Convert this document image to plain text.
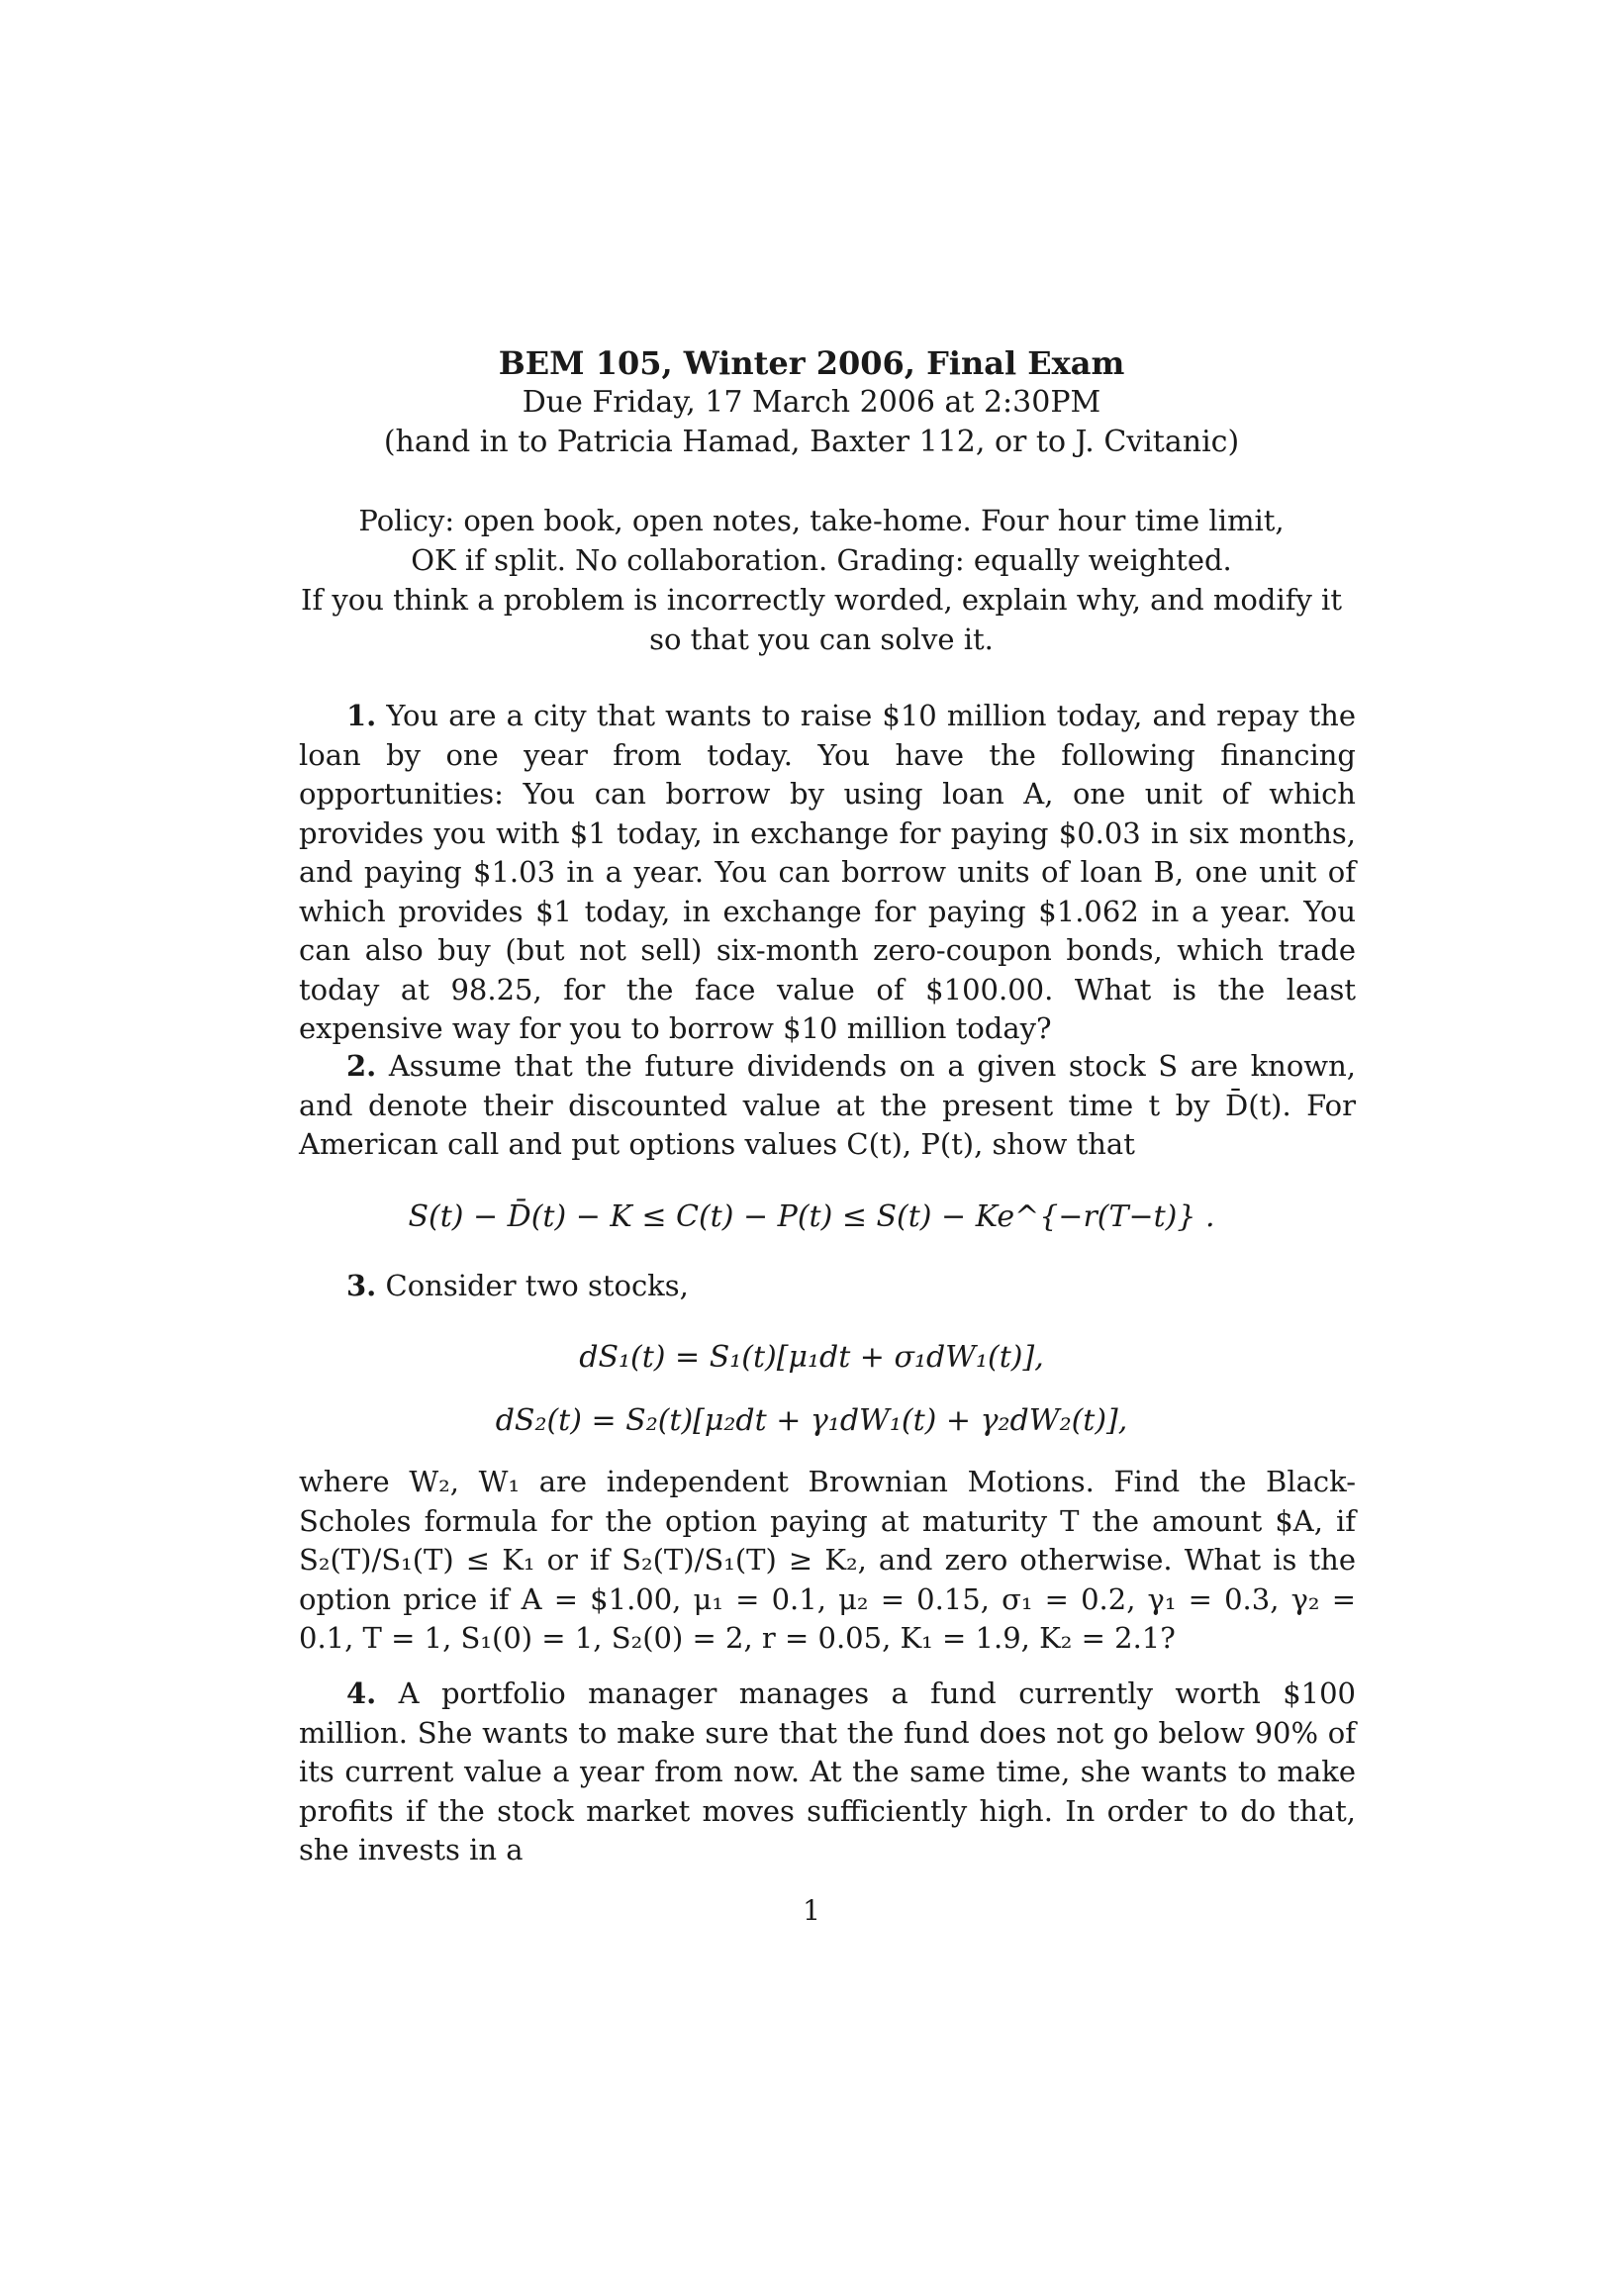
BEM 105, Winter 2006, Final Exam
Due Friday, 17 March 2006 at 2:30PM
(hand in to Patricia Hamad, Baxter 112, or to J. Cvitanic)
Policy: open book, open notes, take-home. Four hour time limit,
OK if split. No collaboration. Grading: equally weighted.
If you think a problem is incorrectly worded, explain why, and modify it
so that you can solve it.
1. You are a city that wants to raise $10 million today, and repay the loan by one year from today. You have the following financing opportunities: You can borrow by using loan A, one unit of which provides you with $1 today, in exchange for paying $0.03 in six months, and paying $1.03 in a year. You can borrow units of loan B, one unit of which provides $1 today, in exchange for paying $1.062 in a year. You can also buy (but not sell) six-month zero-coupon bonds, which trade today at 98.25, for the face value of $100.00. What is the least expensive way for you to borrow $10 million today?
2. Assume that the future dividends on a given stock S are known, and denote their discounted value at the present time t by D̄(t). For American call and put options values C(t), P(t), show that
S(t) − D̄(t) − K ≤ C(t) − P(t) ≤ S(t) − Ke^{−r(T−t)} .
3. Consider two stocks,
dS₁(t) = S₁(t)[μ₁dt + σ₁dW₁(t)],
dS₂(t) = S₂(t)[μ₂dt + γ₁dW₁(t) + γ₂dW₂(t)],
where W₂, W₁ are independent Brownian Motions. Find the Black-Scholes formula for the option paying at maturity T the amount $A, if S₂(T)/S₁(T) ≤ K₁ or if S₂(T)/S₁(T) ≥ K₂, and zero otherwise. What is the option price if A = $1.00, μ₁ = 0.1, μ₂ = 0.15, σ₁ = 0.2, γ₁ = 0.3, γ₂ = 0.1, T = 1, S₁(0) = 1, S₂(0) = 2, r = 0.05, K₁ = 1.9, K₂ = 2.1?
4. A portfolio manager manages a fund currently worth $100 million. She wants to make sure that the fund does not go below 90% of its current value a year from now. At the same time, she wants to make profits if the stock market moves sufficiently high. In order to do that, she invests in a
1
